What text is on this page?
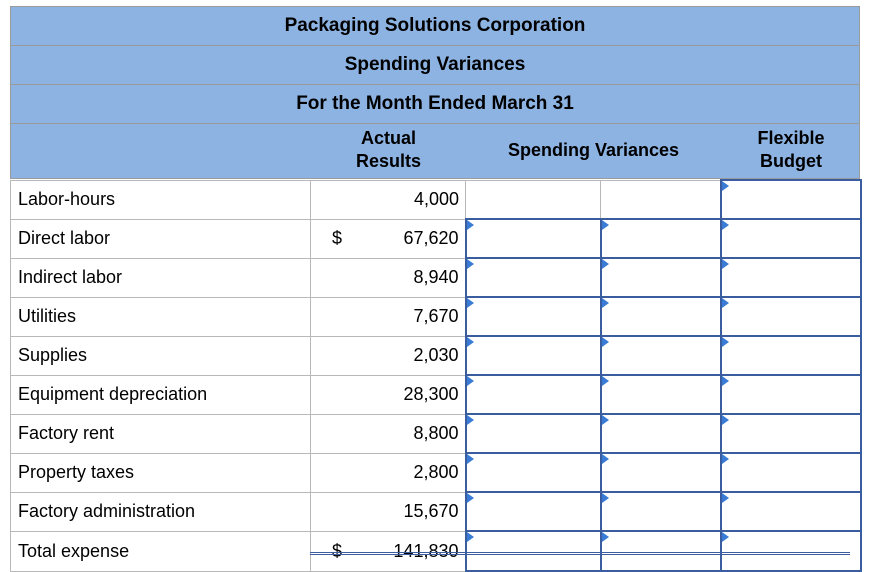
Packaging Solutions Corporation
Spending Variances
For the Month Ended March 31
Actual
Results
Spending Variances
Flexible
Budget
Labor-hours		4,000			

Direct labor	$	67,620	

Indirect labor		8,940	

Utilities		7,670	

Supplies		2,030	

Equipment depreciation		28,300	

Factory rent		8,800	

Property taxes		2,800	

Factory administration		15,670	

Total expense	$	141,830	
